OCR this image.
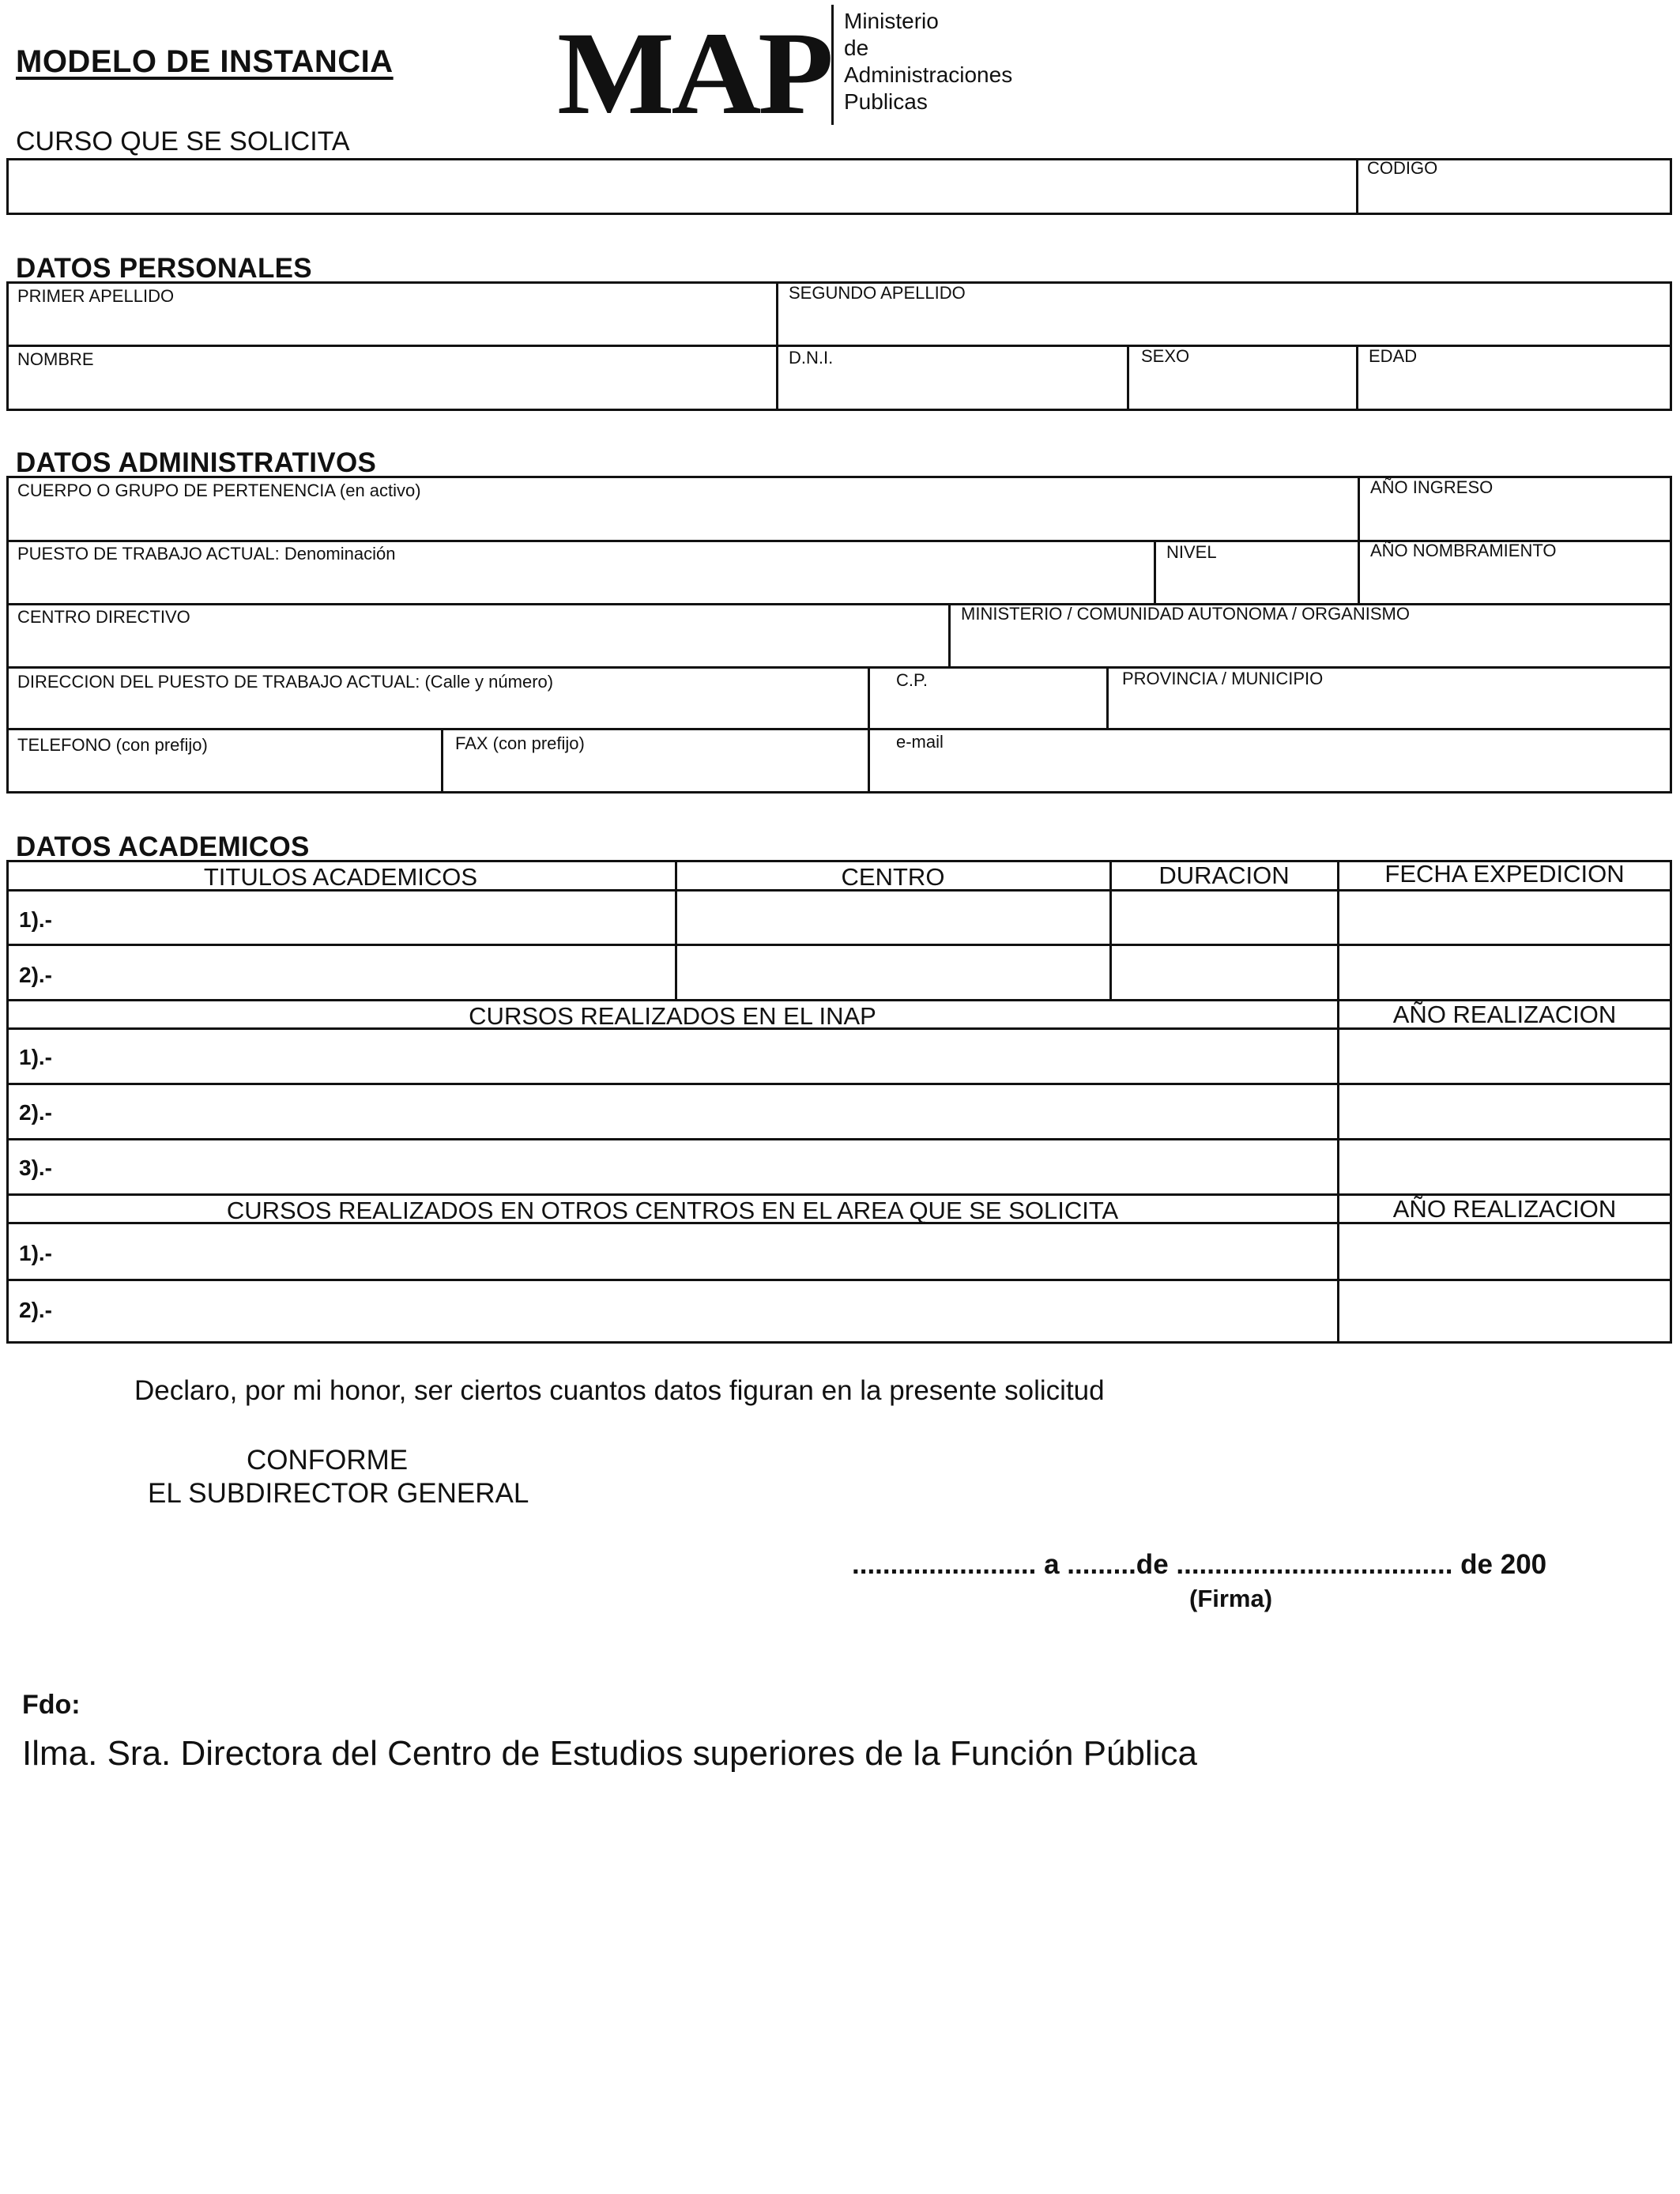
MODELO DE INSTANCIA MAP Ministerio
de
Administraciones
Publicas
CURSO QUE SE SOLICITA
CODIGO
DATOS PERSONALES
PRIMER APELLIDO	SEGUNDO APELLIDO
NOMBRE	D.N.I.	SEXO	EDAD
DATOS ADMINISTRATIVOS
CUERPO O GRUPO DE PERTENENCIA (en activo)	AÑO INGRESO
PUESTO DE TRABAJO ACTUAL: Denominación	NIVEL	AÑO NOMBRAMIENTO
CENTRO DIRECTIVO	MINISTERIO / COMUNIDAD AUTONOMA / ORGANISMO
DIRECCION DEL PUESTO DE TRABAJO ACTUAL: (Calle y número)	C.P.	PROVINCIA / MUNICIPIO
TELEFONO (con prefijo)	FAX (con prefijo)	e-mail
DATOS ACADEMICOS
TITULOS ACADEMICOS	CENTRO	DURACION	FECHA EXPEDICION
1).-
2).-
CURSOS REALIZADOS EN EL INAP	AÑO REALIZACION
1).-
2).-
3).-
CURSOS REALIZADOS EN OTROS CENTROS EN EL AREA QUE SE SOLICITA	AÑO REALIZACION
1).-
2).-
Declaro, por mi honor, ser ciertos cuantos datos figuran en la presente solicitud
CONFORME
EL SUBDIRECTOR GENERAL
........................ a .........de .................................... de 200
(Firma)
Fdo:
Ilma. Sra. Directora del Centro de Estudios superiores de la Función Pública
